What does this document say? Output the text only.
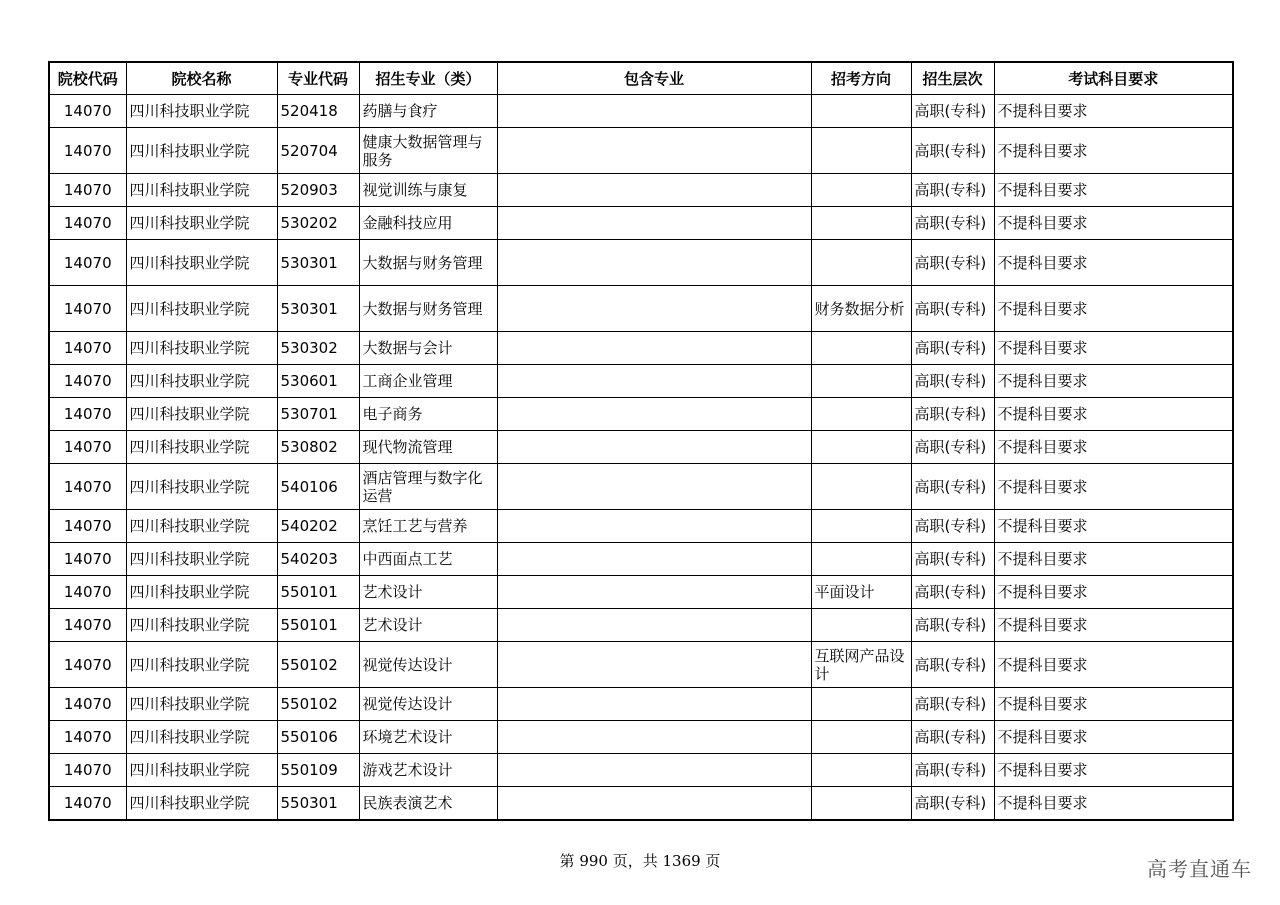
院校代码	院校名称	专业代码	招生专业（类）	包含专业	招考方向	招生层次	考试科目要求
14070	四川科技职业学院	520418	药膳与食疗			高职(专科)	不提科目要求
14070	四川科技职业学院	520704	健康大数据管理与服务			高职(专科)	不提科目要求
14070	四川科技职业学院	520903	视觉训练与康复			高职(专科)	不提科目要求
14070	四川科技职业学院	530202	金融科技应用			高职(专科)	不提科目要求
14070	四川科技职业学院	530301	大数据与财务管理			高职(专科)	不提科目要求
14070	四川科技职业学院	530301	大数据与财务管理		财务数据分析	高职(专科)	不提科目要求
14070	四川科技职业学院	530302	大数据与会计			高职(专科)	不提科目要求
14070	四川科技职业学院	530601	工商企业管理			高职(专科)	不提科目要求
14070	四川科技职业学院	530701	电子商务			高职(专科)	不提科目要求
14070	四川科技职业学院	530802	现代物流管理			高职(专科)	不提科目要求
14070	四川科技职业学院	540106	酒店管理与数字化运营			高职(专科)	不提科目要求
14070	四川科技职业学院	540202	烹饪工艺与营养			高职(专科)	不提科目要求
14070	四川科技职业学院	540203	中西面点工艺			高职(专科)	不提科目要求
14070	四川科技职业学院	550101	艺术设计		平面设计	高职(专科)	不提科目要求
14070	四川科技职业学院	550101	艺术设计			高职(专科)	不提科目要求
14070	四川科技职业学院	550102	视觉传达设计		互联网产品设计	高职(专科)	不提科目要求
14070	四川科技职业学院	550102	视觉传达设计			高职(专科)	不提科目要求
14070	四川科技职业学院	550106	环境艺术设计			高职(专科)	不提科目要求
14070	四川科技职业学院	550109	游戏艺术设计			高职(专科)	不提科目要求
14070	四川科技职业学院	550301	民族表演艺术			高职(专科)	不提科目要求
第 990 页，共 1369 页	高考直通车
